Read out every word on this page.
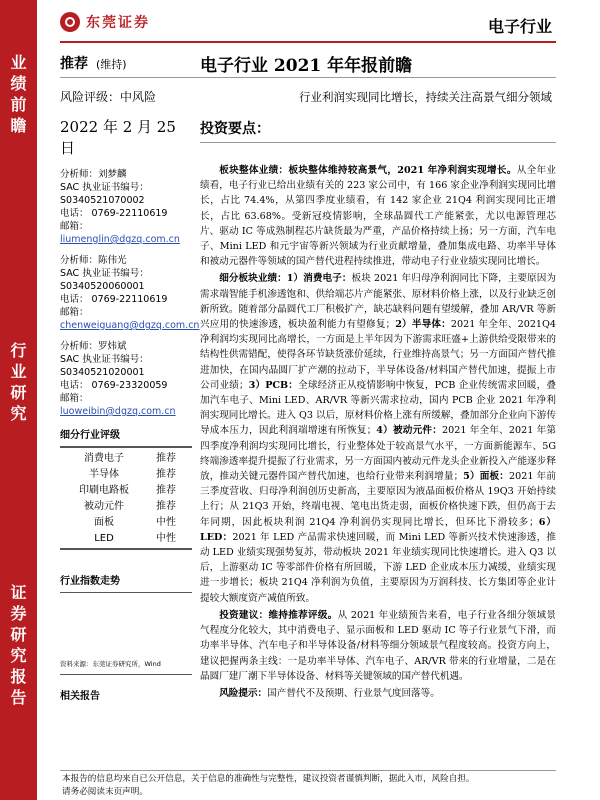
业
绩
前
瞻
行
业
研
究
证
券
研
究
报
告
东莞证券	电子行业
推荐 (维持)	电子行业 2021 年年报前瞻
风险评级：中风险	行业利润实现同比增长，持续关注高景气细分领域
2022 年 2 月 25 日
分析师：刘梦麟
SAC 执业证书编号：
S0340521070002
电话： 0769-22110619
邮箱：
liumenglin@dgzq.com.cn
分析师：陈伟光
SAC 执业证书编号：
S0340520060001
电话： 0769-22110619
邮箱：
chenweiguang@dgzq.com.cn
分析师：罗炜斌
SAC 执业证书编号：
S0340521020001
电话： 0769-23320059
邮箱：
luoweibin@dgzq.com.cn
细分行业评级
消费电子	推荐
半导体	推荐
印刷电路板	推荐
被动元件	推荐
面板	中性
LED	中性
行业指数走势
资料来源：东莞证券研究所，Wind
相关报告
投资要点：

板块整体业绩：板块整体维持较高景气，2021 年净利润实现增长。从全年业绩看，电子行业已给出业绩有关的 223 家公司中，有 166 家企业净利润实现同比增长，占比 74.4%，从第四季度业绩看，有 142 家企业 21Q4 利润实现同比正增长，占比 63.68%。受新冠疫情影响，全球晶圆代工产能紧张，尤以电源管理芯片、驱动 IC 等成熟制程芯片缺货最为严重，产品价格持续上扬；另一方面，汽车电子、Mini LED 和元宇宙等新兴领域为行业贡献增量，叠加集成电路、功率半导体和被动元器件等领域的国产替代进程持续推进，带动电子行业业绩实现同比增长。

细分板块业绩：1）消费电子：板块 2021 年归母净利润同比下降，主要原因为需求端智能手机渗透饱和、供给端芯片产能紧张、原材料价格上涨，以及行业缺乏创新所致。随着部分晶圆代工厂积极扩产，缺芯缺料问题有望缓解，叠加 AR/VR 等新兴应用的快速渗透，板块盈利能力有望修复；2）半导体：2021 年全年、2021Q4 净利润均实现同比高增长，一方面是上半年因为下游需求旺盛+上游供给受限带来的结构性供需错配，使得各环节缺货涨价延续，行业维持高景气；另一方面国产替代推进加快，在国内晶圆厂扩产潮的拉动下，半导体设备/材料国产替代加速，提振上市公司业绩；3）PCB：全球经济正从疫情影响中恢复，PCB 企业传统需求回暖，叠加汽车电子、Mini LED、AR/VR 等新兴需求拉动，国内 PCB 企业 2021 年净利润实现同比增长。进入 Q3 以后，原材料价格上涨有所缓解，叠加部分企业向下游传导成本压力，因此利润端增速有所恢复；4）被动元件：2021 年全年、2021 年第四季度净利润均实现同比增长，行业整体处于较高景气水平，一方面新能源车、5G 终端渗透率提升提振了行业需求，另一方面国内被动元件龙头企业新投入产能逐步释放，推动关键元器件国产替代加速，也给行业带来利润增量；5）面板：2021 年前三季度营收、归母净利润创历史新高，主要原因为液晶面板价格从 19Q3 开始持续上行；从 21Q3 开始，终端电视、笔电出货走弱，面板价格快速下跌，但仍高于去年同期，因此板块利润 21Q4 净利润仍实现同比增长，但环比下滑较多；6）LED：2021 年 LED 产品需求快速回暖，而 Mini LED 等新兴技术快速渗透，推动 LED 业绩实现强势复苏，带动板块 2021 年业绩实现同比快速增长。进入 Q3 以后，上游驱动 IC 等零部件价格有所回暖，下游 LED 企业成本压力减缓，业绩实现进一步增长；板块 21Q4 净利润为负值，主要原因为万润科技、长方集团等企业计提较大额度资产减值所致。

投资建议：维持推荐评级。从 2021 年业绩预告来看，电子行业各细分领域景气程度分化较大，其中消费电子、显示面板和 LED 驱动 IC 等子行业景气下滑，而功率半导体、汽车电子和半导体设备/材料等细分领域景气程度较高。投资方向上，建议把握两条主线：一是功率半导体、汽车电子、AR/VR 带来的行业增量，二是在晶圆厂建厂潮下半导体设备、材料等关键领域的国产替代机遇。

风险提示：国产替代不及预期、行业景气度回落等。

本报告的信息均来自已公开信息，关于信息的准确性与完整性，建议投资者谨慎判断，据此入市，风险自担。
请务必阅读末页声明。
